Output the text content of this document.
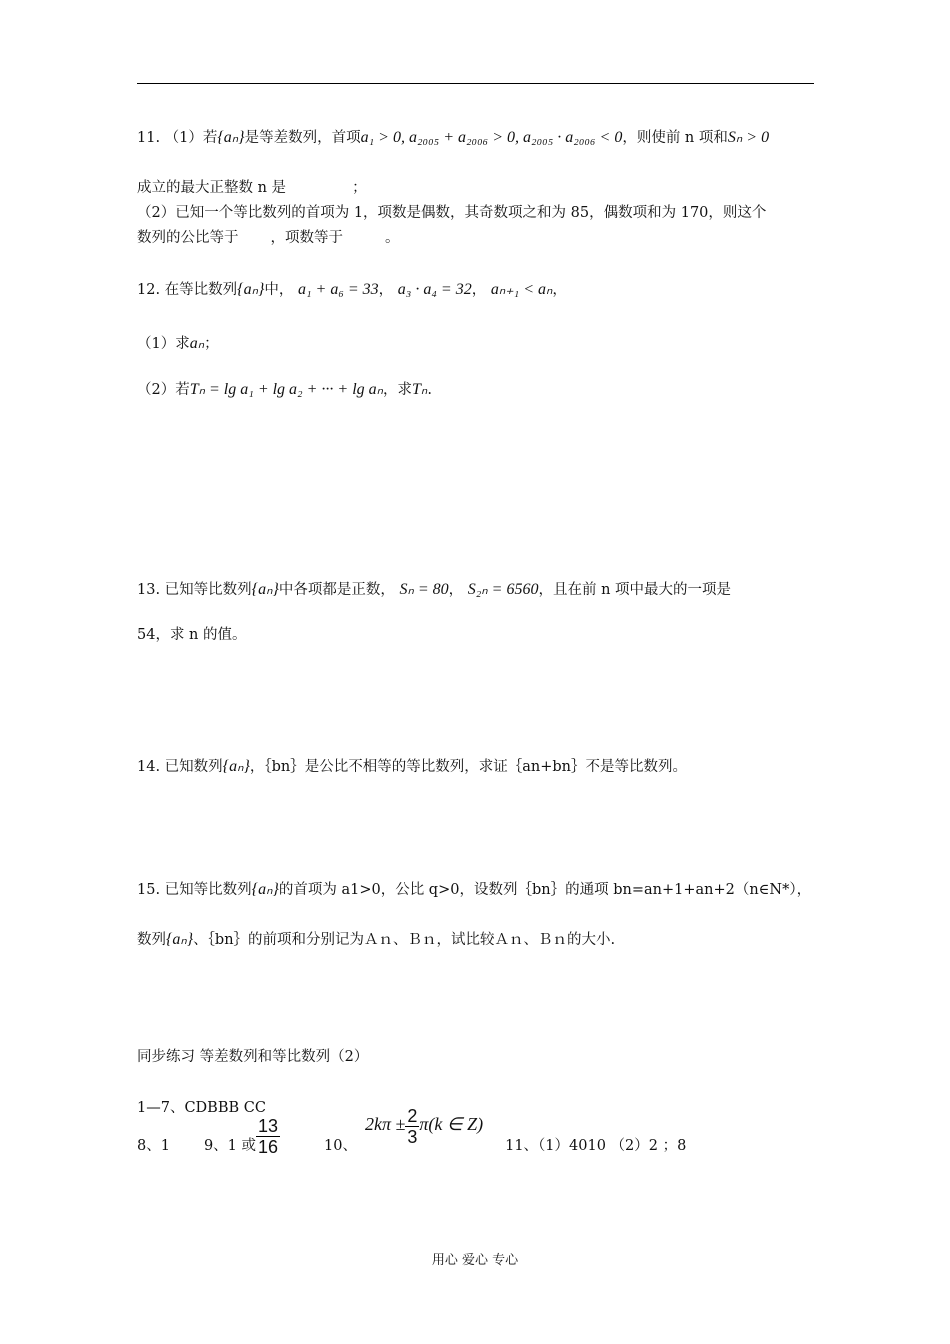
11. （1）若{aₙ}是等差数列，首项a₁ > 0, a₂₀₀₅ + a₂₀₀₆ > 0, a₂₀₀₅ · a₂₀₀₆ < 0，则使前 n 项和Sₙ > 0
成立的最大正整数 n 是	；
（2）已知一个等比数列的首项为 1，项数是偶数，其奇数项之和为 85，偶数项和为 170，则这个
数列的公比等于 ，项数等于	。
12. 在等比数列{aₙ}中， a₁ + a₆ = 33， a₃ · a₄ = 32， aₙ₊₁ < aₙ，
（1）求aₙ；
（2）若Tₙ = lg a₁ + lg a₂ + ··· + lg aₙ，求Tₙ.
13. 已知等比数列{aₙ}中各项都是正数， Sₙ = 80， S₂ₙ = 6560，且在前 n 项中最大的一项是
54，求 n 的值。
14. 已知数列{aₙ}，｛bn｝是公比不相等的等比数列，求证｛an+bn｝不是等比数列。
15. 已知等比数列{aₙ}的首项为 a1>0，公比 q>0，设数列｛bn｝的通项 bn=an+1+an+2（n∈N*），
数列{aₙ}、｛bn｝的前项和分别记为Ａｎ、Ｂｎ，试比较Ａｎ、Ｂｎ的大小.
同步练习 等差数列和等比数列（2）
1—7、CDBBB CC
8、1 9、1 或 $\frac{13}{16}$	10、$2k\pi \pm \frac{2}{3} \pi(k$ ∈ Z)11、（1）4010 （2）2 ；8
用心 爱心 专心
